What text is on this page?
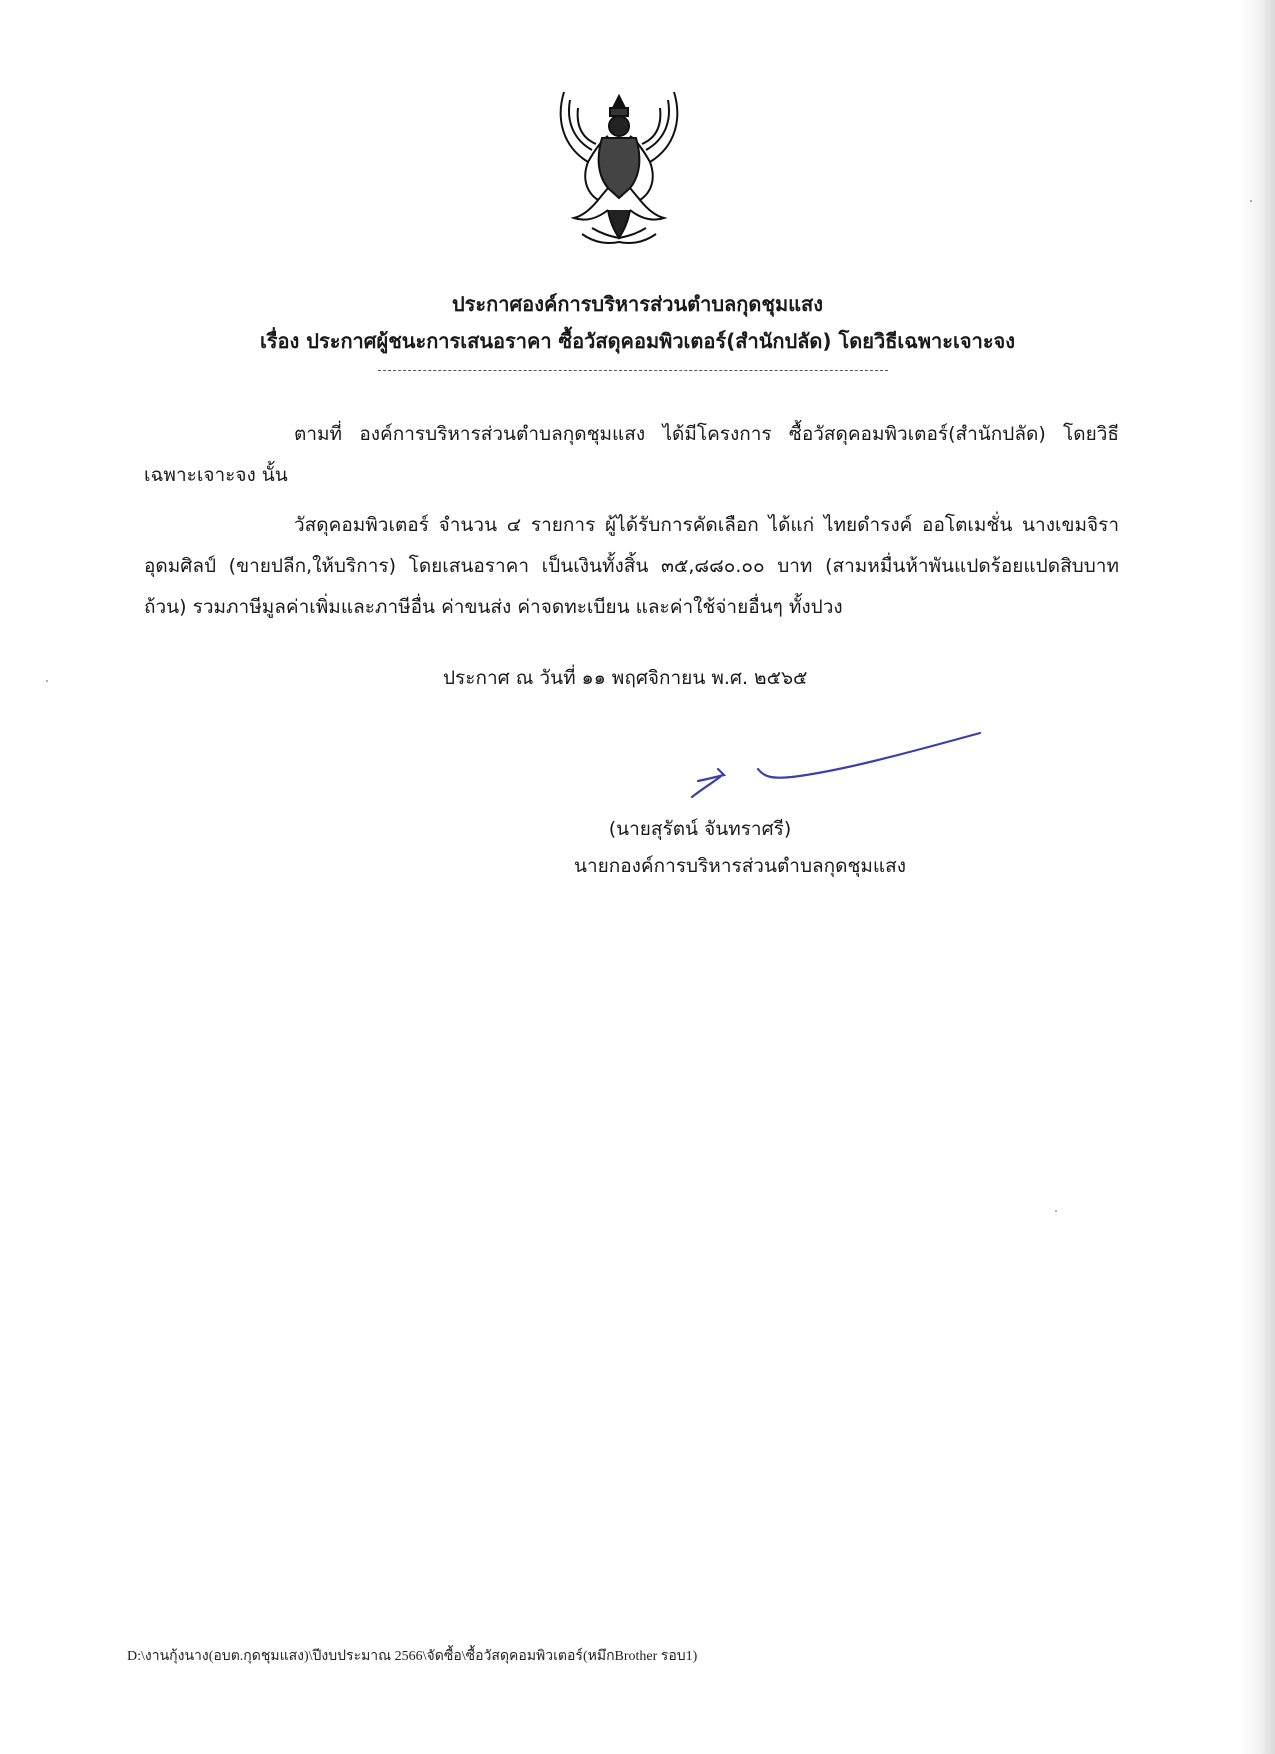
ประกาศองค์การบริหารส่วนตำบลกุดชุมแสง
เรื่อง ประกาศผู้ชนะการเสนอราคา ซื้อวัสดุคอมพิวเตอร์(สำนักปลัด) โดยวิธีเฉพาะเจาะจง

ตามที่ องค์การบริหารส่วนตำบลกุดชุมแสง ได้มีโครงการ ซื้อวัสดุคอมพิวเตอร์(สำนักปลัด) โดยวิธีเฉพาะเจาะจง นั้น

วัสดุคอมพิวเตอร์ จำนวน ๔ รายการ ผู้ได้รับการคัดเลือก ได้แก่ ไทยดำรงค์ ออโตเมชั่น นางเขมจิรา อุดมศิลป์ (ขายปลีก,ให้บริการ) โดยเสนอราคา เป็นเงินทั้งสิ้น ๓๕,๘๘๐.๐๐ บาท (สามหมื่นห้าพันแปดร้อยแปดสิบบาทถ้วน) รวมภาษีมูลค่าเพิ่มและภาษีอื่น ค่าขนส่ง ค่าจดทะเบียน และค่าใช้จ่ายอื่นๆ ทั้งปวง

ประกาศ ณ วันที่ ๑๑ พฤศจิกายน พ.ศ. ๒๕๖๕
(นายสุรัตน์ จันทราศรี)
นายกองค์การบริหารส่วนตำบลกุดชุมแสง
D:\งานกุ้งนาง(อบต.กุดชุมแสง)\ปีงบประมาณ 2566\จัดซื้อ\ซื้อวัสดุคอมพิวเตอร์(หมึกBrother รอบ1)
